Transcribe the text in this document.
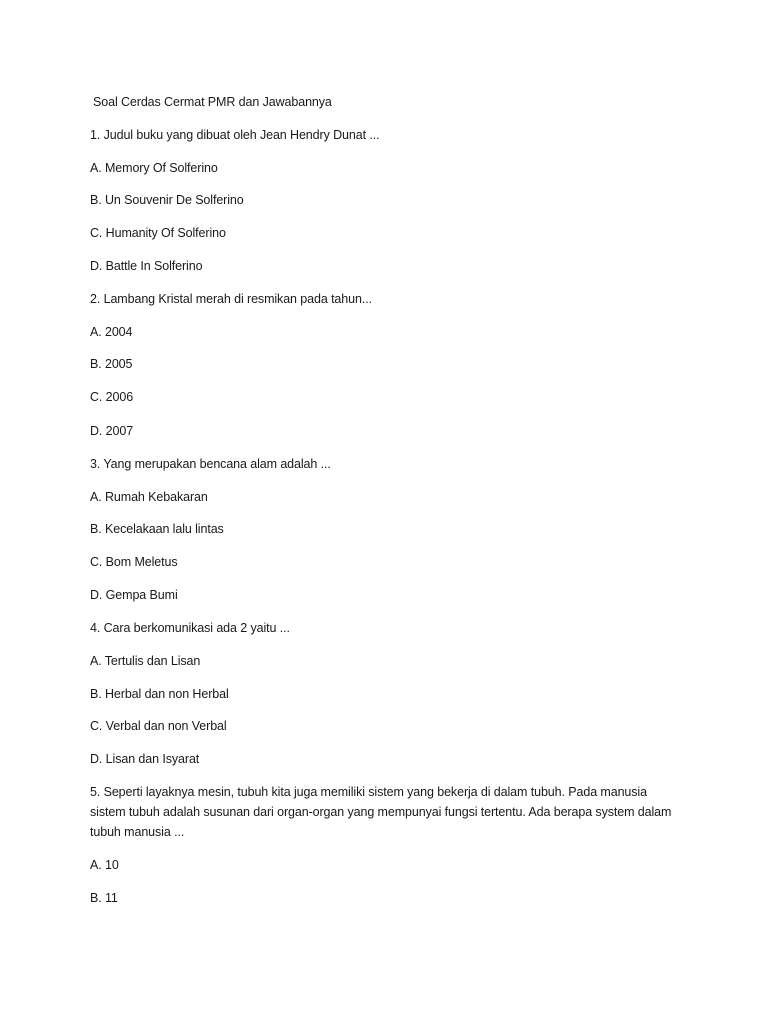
Soal Cerdas Cermat PMR dan Jawabannya
1. Judul buku yang dibuat oleh Jean Hendry Dunat ...
A. Memory Of Solferino
B. Un Souvenir De Solferino
C. Humanity Of Solferino
D. Battle In Solferino
2. Lambang Kristal merah di resmikan pada tahun...
A. 2004
B. 2005
C. 2006
D. 2007
3. Yang merupakan bencana alam adalah ...
A. Rumah Kebakaran
B. Kecelakaan lalu lintas
C. Bom Meletus
D. Gempa Bumi
4. Cara berkomunikasi ada 2 yaitu ...
A. Tertulis dan Lisan
B. Herbal dan non Herbal
C. Verbal dan non Verbal
D. Lisan dan Isyarat
5. Seperti layaknya mesin, tubuh kita juga memiliki sistem yang bekerja di dalam tubuh. Pada manusia sistem tubuh adalah susunan dari organ-organ yang mempunyai fungsi tertentu. Ada berapa system dalam tubuh manusia ...
A. 10
B. 11
